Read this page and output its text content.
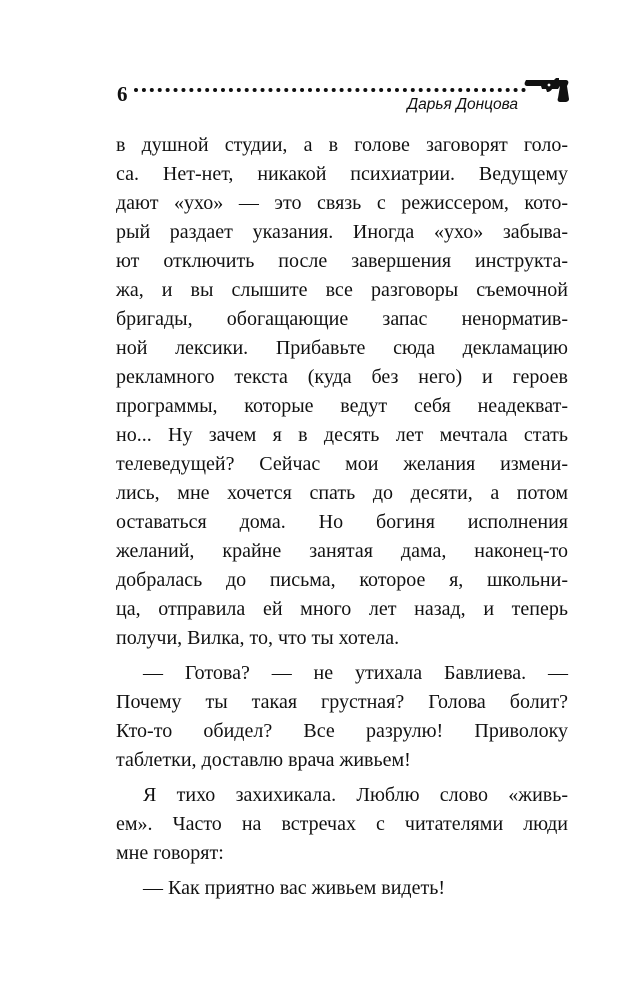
6	Дарья Донцова
в душной студии, а в голове заговорят голо-
са. Нет-нет, никакой психиатрии. Ведущему
дают «ухо» — это связь с режиссером, кото-
рый раздает указания. Иногда «ухо» забыва-
ют отключить после завершения инструкта-
жа, и вы слышите все разговоры съемочной
бригады, обогащающие запас ненорматив-
ной лексики. Прибавьте сюда декламацию
рекламного текста (куда без него) и героев
программы, которые ведут себя неадекват-
но... Ну зачем я в десять лет мечтала стать
телеведущей? Сейчас мои желания измени-
лись, мне хочется спать до десяти, а потом
оставаться дома. Но богиня исполнения
желаний, крайне занятая дама, наконец-то
добралась до письма, которое я, школьни-
ца, отправила ей много лет назад, и теперь
получи, Вилка, то, что ты хотела.
— Готова? — не утихала Бавлиева. —
Почему ты такая грустная? Голова болит?
Кто-то обидел? Все разрулю! Приволоку
таблетки, доставлю врача живьем!
Я тихо захихикала. Люблю слово «живь-
ем». Часто на встречах с читателями люди
мне говорят:
— Как приятно вас живьем видеть!
